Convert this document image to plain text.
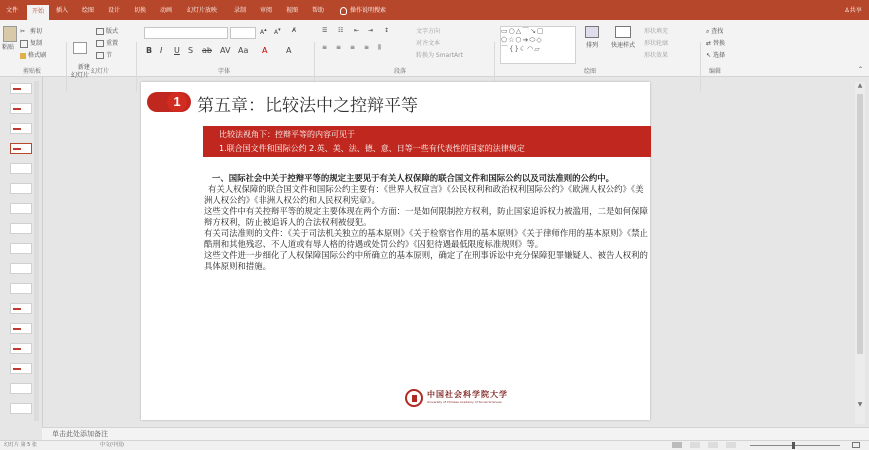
文件	开始	插入	绘图	设计	切换	动画	幻灯片放映	录制	审阅	视图	帮助	操作说明搜索	♙共享
粘贴
✂ 剪切
复制
格式刷
剪贴板

新建
幻灯片

版式
重置
节
幻灯片
A▴ A▾ A̸
B I U S ab AV Aa A A
字体
☰ ☷ ⇤ ⇥ ↕
≡ ≡ ≡ ≡ ⫼
文字方向
对齐文本
转换为 SmartArt
段落
▭○△⌒↘▢
⬠☆⬡➔⬭◇
⌒{}☾◠▱	排列	快速样式
形状填充
形状轮廓
形状效果
绘图
⌕ 查找
⇄ 替换
↖ 选择
编辑	⌃
1 第五章：比较法中之控辩平等
比较法视角下：控辩平等的内容可见于
1.联合国文件和国际公约 2.英、美、法、德、意、日等一些有代表性的国家的法律规定
一、国际社会中关于控辩平等的规定主要见于有关人权保障的联合国文件和国际公约以及司法准则的公约中。
有关人权保障的联合国文件和国际公约主要有：《世界人权宣言》《公民权利和政治权利国际公约》《欧洲人权公约》《美洲人权公约》《非洲人权公约和人民权利宪章》。
这些文件中有关控辩平等的规定主要体现在两个方面：一是如何限制控方权利，防止国家追诉权力被滥用，二是如何保障辩方权利，防止被追诉人的合法权利被侵犯。
有关司法准则的文件：《关于司法机关独立的基本原则》《关于检察官作用的基本原则》《关于律师作用的基本原则》《禁止酷刑和其他残忍、不人道或有辱人格的待遇或处罚公约》《囚犯待遇最低限度标准规则》等。
这些文件进一步细化了人权保障国际公约中所确立的基本原则，确定了在刑事诉讼中充分保障犯罪嫌疑人、被告人权利的具体原则和措施。
中国社会科学院大学
University of Chinese Academy of Social Sciences
▲
▼
单击此处添加备注
幻灯片 第 5 张	中文(中国)
